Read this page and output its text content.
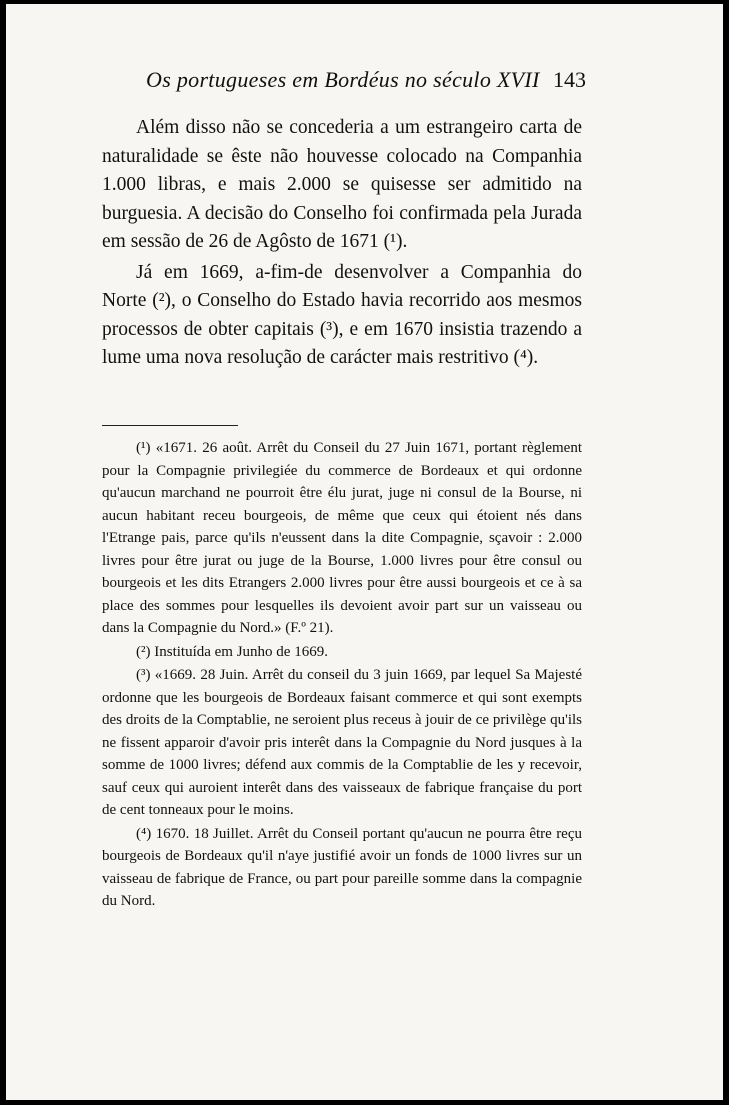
Os portugueses em Bordéus no século XVII 143

Além disso não se concederia a um estrangeiro carta de naturalidade se êste não houvesse colocado na Companhia 1.000 libras, e mais 2.000 se quisesse ser admitido na burguesia. A decisão do Conselho foi confirmada pela Jurada em sessão de 26 de Agôsto de 1671 (¹).

Já em 1669, a-fim-de desenvolver a Companhia do Norte (²), o Conselho do Estado havia recorrido aos mesmos processos de obter capitais (³), e em 1670 insistia trazendo a lume uma nova resolução de carácter mais restritivo (⁴).

(¹) «1671. 26 août. Arrêt du Conseil du 27 Juin 1671, portant règlement pour la Compagnie privilegiée du commerce de Bordeaux et qui ordonne qu'aucun marchand ne pourroit être élu jurat, juge ni consul de la Bourse, ni aucun habitant receu bourgeois, de même que ceux qui étoient nés dans l'Etrange pais, parce qu'ils n'eussent dans la dite Compagnie, sçavoir : 2.000 livres pour être jurat ou juge de la Bourse, 1.000 livres pour être consul ou bourgeois et les dits Etrangers 2.000 livres pour être aussi bourgeois et ce à sa place des sommes pour lesquelles ils devoient avoir part sur un vaisseau ou dans la Compagnie du Nord.» (F.º 21).

(²) Instituída em Junho de 1669.

(³) «1669. 28 Juin. Arrêt du conseil du 3 juin 1669, par lequel Sa Majesté ordonne que les bourgeois de Bordeaux faisant commerce et qui sont exempts des droits de la Comptablie, ne seroient plus receus à jouir de ce privilège qu'ils ne fissent apparoir d'avoir pris interêt dans la Compagnie du Nord jusques à la somme de 1000 livres; défend aux commis de la Comptablie de les y recevoir, sauf ceux qui auroient interêt dans des vaisseaux de fabrique française du port de cent tonneaux pour le moins.

(⁴) 1670. 18 Juillet. Arrêt du Conseil portant qu'aucun ne pourra être reçu bourgeois de Bordeaux qu'il n'aye justifié avoir un fonds de 1000 livres sur un vaisseau de fabrique de France, ou part pour pareille somme dans la compagnie du Nord.
